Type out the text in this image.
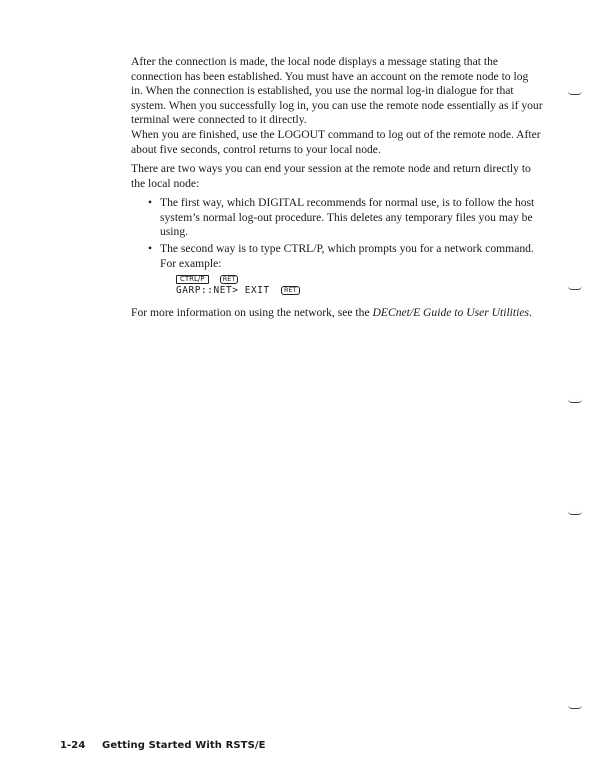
After the connection is made, the local node displays a message stating that the connection has been established. You must have an account on the remote node to log in. When the connection is established, you use the normal log-in dialogue for that system. When you successfully log in, you can use the remote node essentially as if your terminal were connected to it directly.

When you are finished, use the LOGOUT command to log out of the remote node. After about five seconds, control returns to your local node.

There are two ways you can end your session at the remote node and return directly to the local node:

• The first way, which DIGITAL recommends for normal use, is to follow the host system’s normal log-out procedure. This deletes any temporary files you may be using.
• The second way is to type CTRL/P, which prompts you for a network command. For example:
CTRL/P	RET
GARP::NET> EXIT RET

For more information on using the network, see the DECnet/E Guide to User Utilities.

1-24 Getting Started With RSTS/E
